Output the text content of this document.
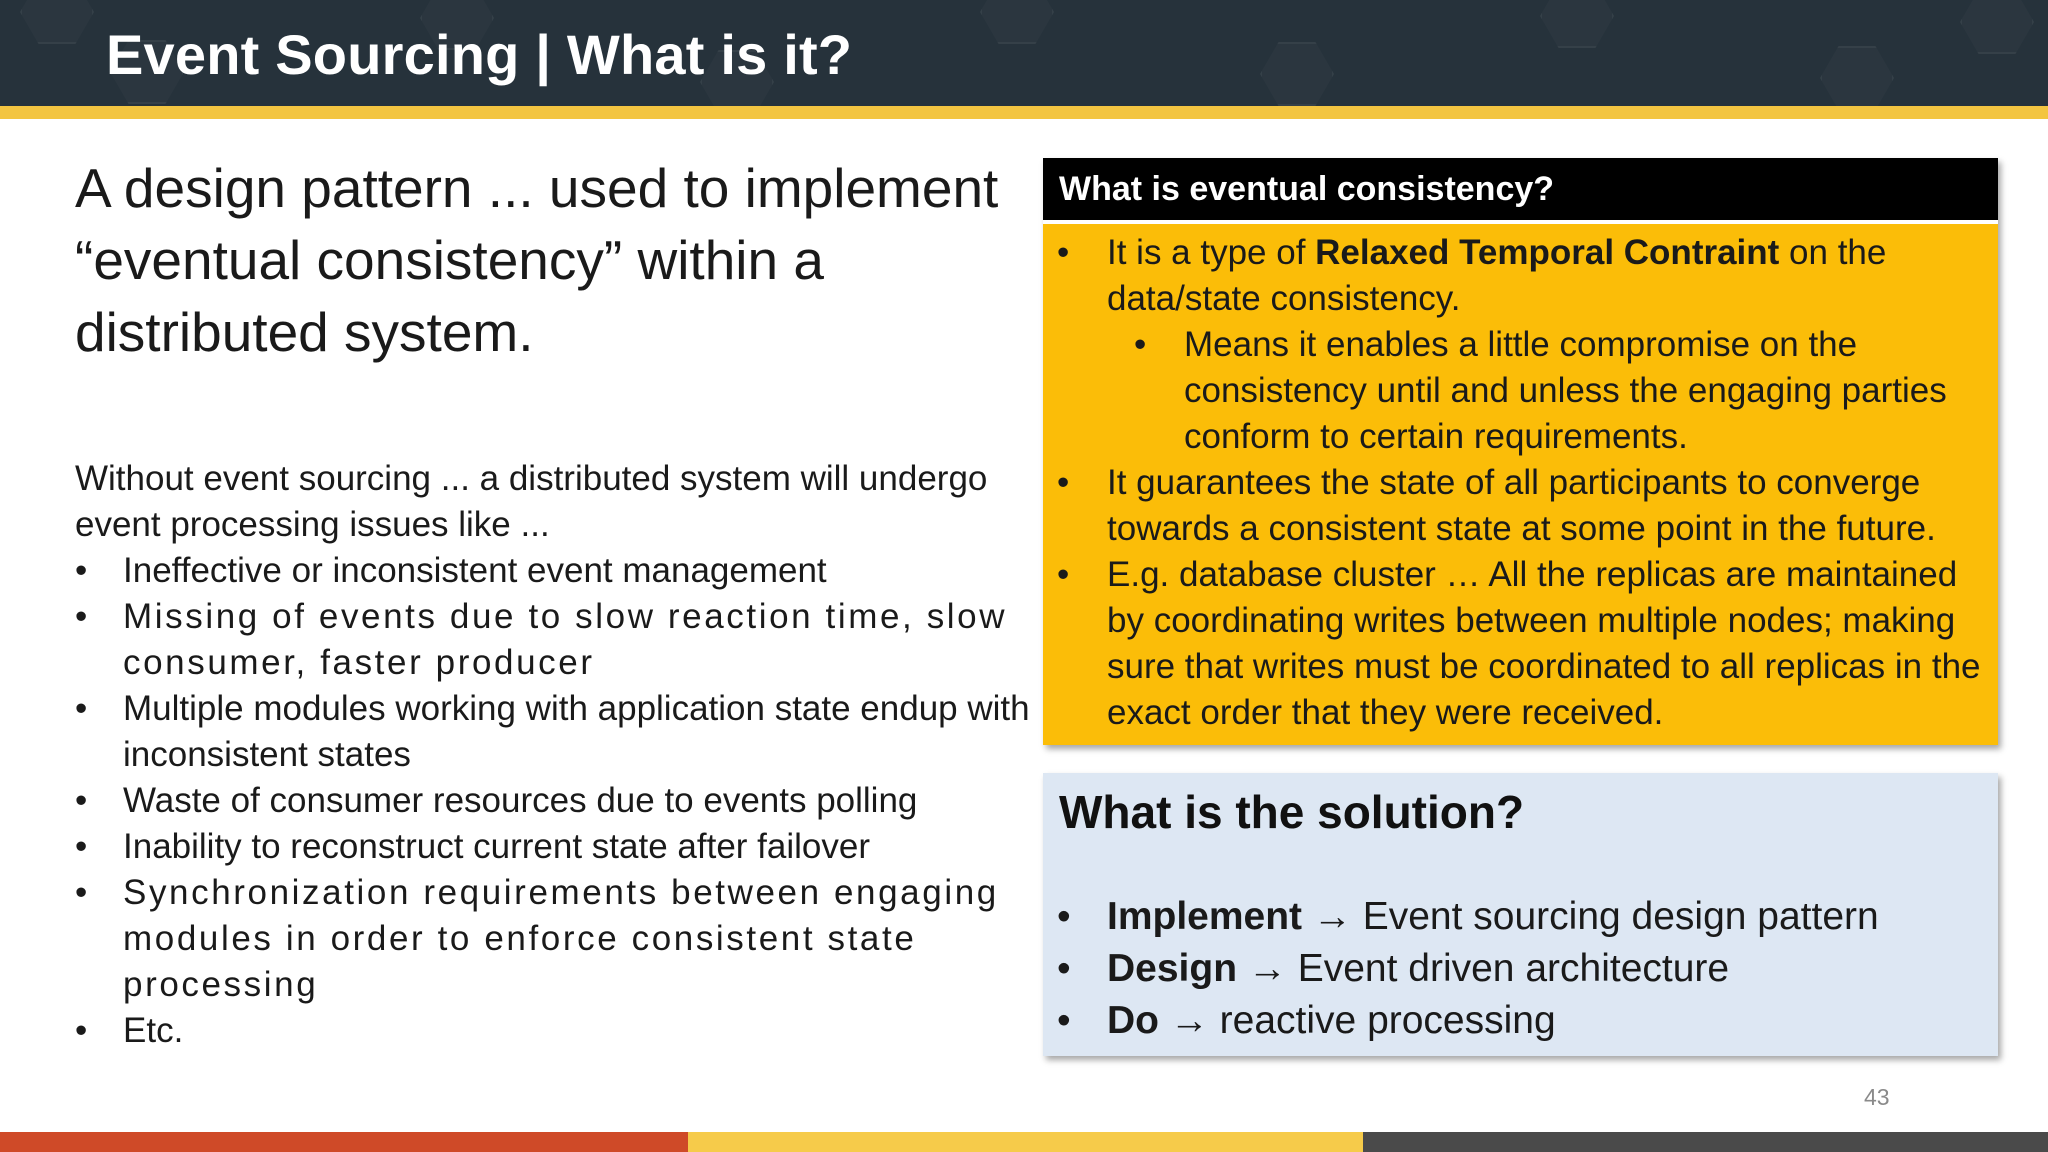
Event Sourcing | What is it?
A design pattern ... used to implement “eventual consistency” within a distributed system.
Without event sourcing ... a distributed system will undergo event processing issues like ...
• Ineffective or inconsistent event management
• Missing of events due to slow reaction time, slow consumer, faster producer
• Multiple modules working with application state endup with inconsistent states
• Waste of consumer resources due to events polling
• Inability to reconstruct current state after failover
• Synchronization requirements between engaging modules in order to enforce consistent state processing
• Etc.
What is eventual consistency?
• It is a type of Relaxed Temporal Contraint on the data/state consistency.
• Means it enables a little compromise on the consistency until and unless the engaging parties conform to certain requirements.
• It guarantees the state of all participants to converge towards a consistent state at some point in the future.
• E.g. database cluster … All the replicas are maintained by coordinating writes between multiple nodes; making sure that writes must be coordinated to all replicas in the exact order that they were received.
What is the solution?
• Implement → Event sourcing design pattern
• Design → Event driven architecture
• Do → reactive processing
43
